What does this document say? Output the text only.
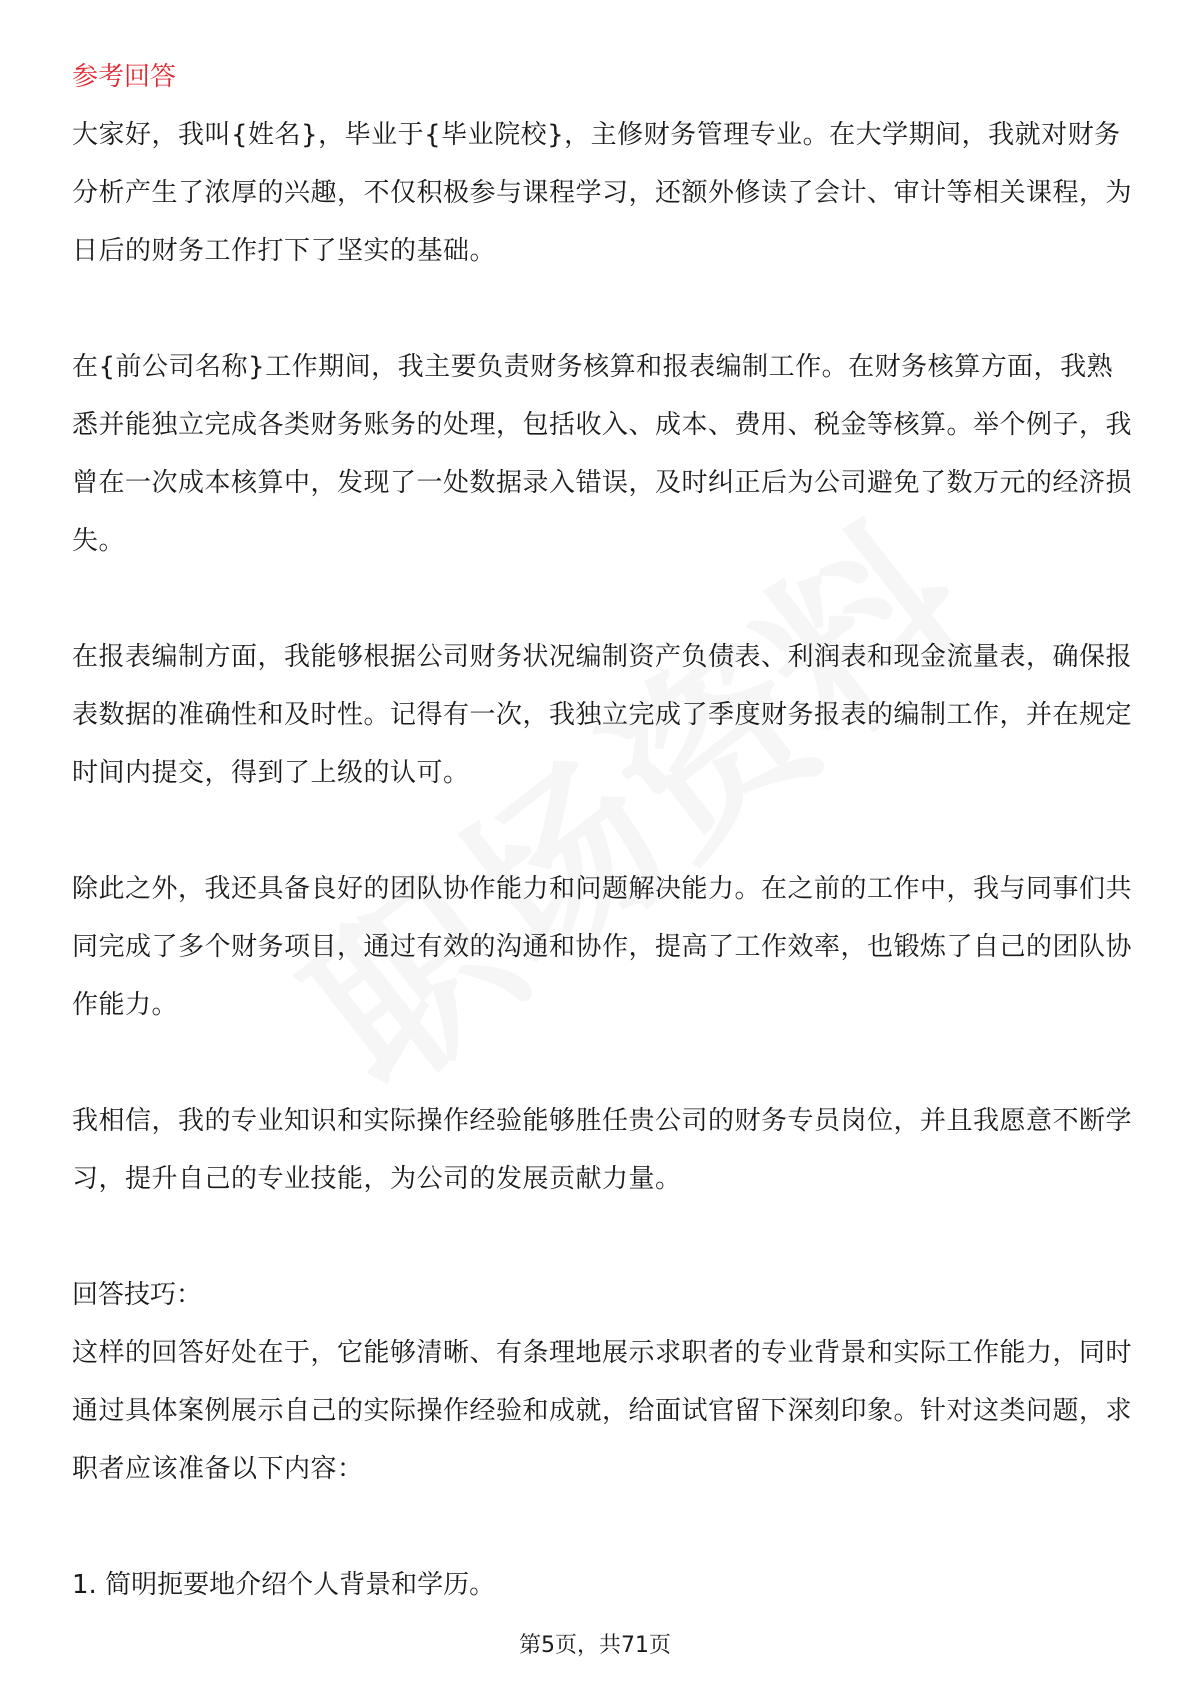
参考回答

大家好，我叫{姓名}，毕业于{毕业院校}，主修财务管理专业。在大学期间，我就对财务分析产生了浓厚的兴趣，不仅积极参与课程学习，还额外修读了会计、审计等相关课程，为日后的财务工作打下了坚实的基础。

在{前公司名称}工作期间，我主要负责财务核算和报表编制工作。在财务核算方面，我熟悉并能独立完成各类财务账务的处理，包括收入、成本、费用、税金等核算。举个例子，我曾在一次成本核算中，发现了一处数据录入错误，及时纠正后为公司避免了数万元的经济损失。

在报表编制方面，我能够根据公司财务状况编制资产负债表、利润表和现金流量表，确保报表数据的准确性和及时性。记得有一次，我独立完成了季度财务报表的编制工作，并在规定时间内提交，得到了上级的认可。

除此之外，我还具备良好的团队协作能力和问题解决能力。在之前的工作中，我与同事们共同完成了多个财务项目，通过有效的沟通和协作，提高了工作效率，也锻炼了自己的团队协作能力。

我相信，我的专业知识和实际操作经验能够胜任贵公司的财务专员岗位，并且我愿意不断学习，提升自己的专业技能，为公司的发展贡献力量。

回答技巧：

这样的回答好处在于，它能够清晰、有条理地展示求职者的专业背景和实际工作能力，同时通过具体案例展示自己的实际操作经验和成就，给面试官留下深刻印象。针对这类问题，求职者应该准备以下内容：

1. 简明扼要地介绍个人背景和学历。

第5页，共71页
